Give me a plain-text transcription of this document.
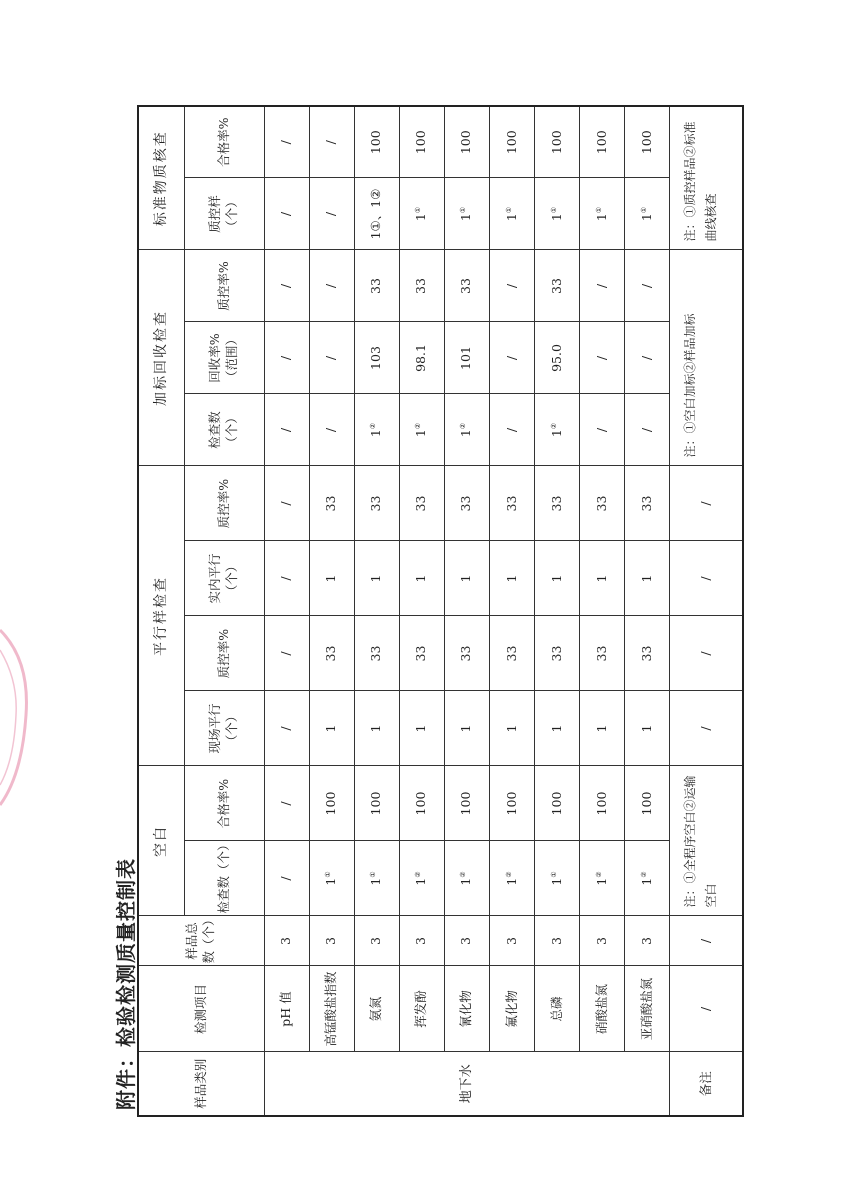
附件：检验检测质量控制表	样品类别	检测项目	样品总数（个）	空白		平行样检查				加标回收检查			标准物质核查	
			检查数（个）	合格率%	现场平行（个）	质控率%	实内平行（个）	质控率%	检查数（个）	回收率%（范围）	质控率%	质控样（个）	合格率%
地下水	pH 值	3	/	/	/	/	/	/	/	/	/	/	/
	高锰酸盐指数	3	1①	100	1	33	1	33	/	/	/	/	/
	氨氮	3	1①	100	1	33	1	33	1②	103	33	1①、1②	100
	挥发酚	3	1②	100	1	33	1	33	1②	98.1	33	1①	100
	氰化物	3	1②	100	1	33	1	33	1②	101	33	1①	100
	氟化物	3	1②	100	1	33	1	33	/	/	/	1①	100
	总磷	3	1①	100	1	33	1	33	1②	95.0	33	1①	100
	硝酸盐氮	3	1②	100	1	33	1	33	/	/	/	1①	100
	亚硝酸盐氮	3	1②	100	1	33	1	33	/	/	/	1①	100
备注	/	/	注：①全程序空白②运输空白		/	/	/	/	注：①空白加标②样品加标			注：①质控样品②标准曲线核查	
